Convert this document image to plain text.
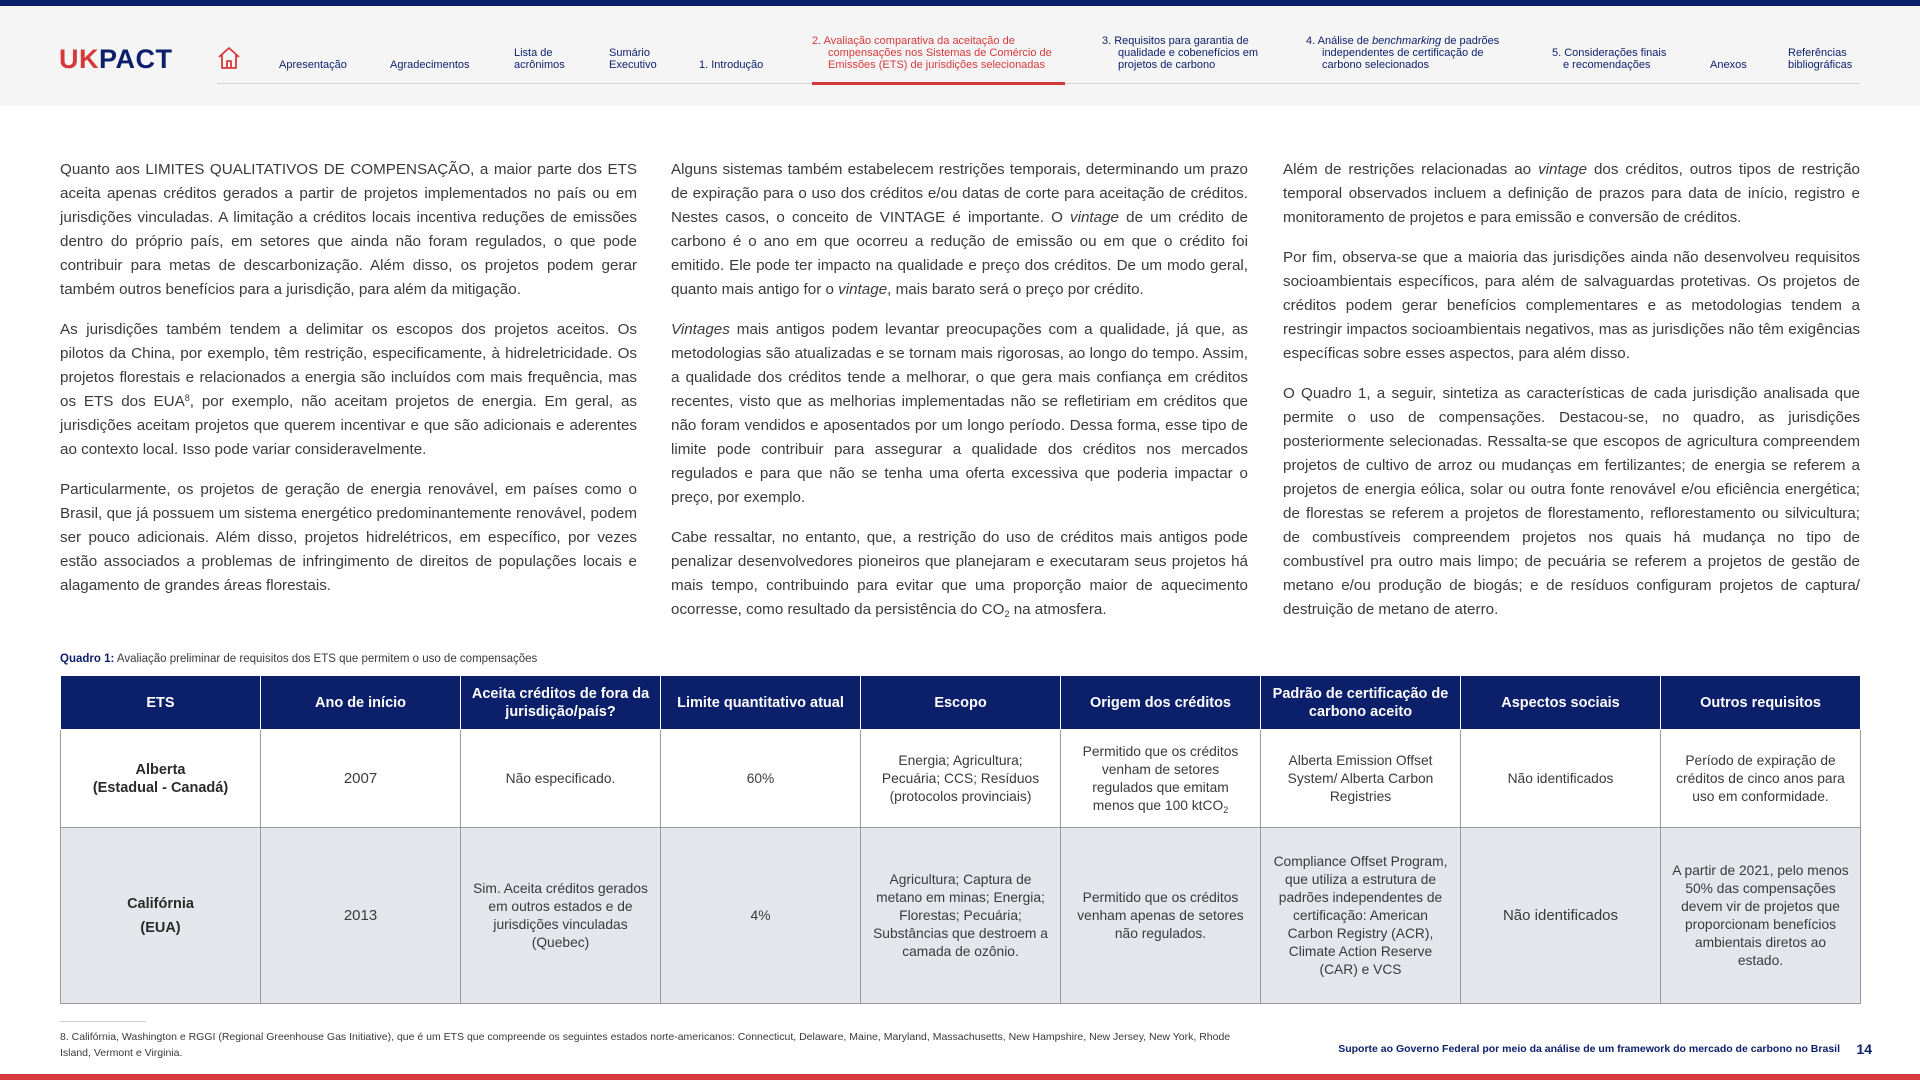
UKPACT	Apresentação	Agradecimentos
Lista de
acrônimos
Sumário
Executivo	1. Introdução
2. Avaliação comparativa da aceitação de
compensações nos Sistemas de Comércio de
Emissões (ETS) de jurisdições selecionadas
3. Requisitos para garantia de
qualidade e cobenefícios em
projetos de carbono
4. Análise de benchmarking de padrões
independentes de certificação de
carbono selecionados
5. Considerações finais
e recomendações	Anexos
Referências
bibliográficas

Quanto aos LIMITES QUALITATIVOS DE COMPENSAÇÃO, a maior parte dos ETS aceita apenas créditos gerados a partir de projetos implementados no país ou em jurisdições vinculadas. A limitação a créditos locais incentiva reduções de emissões dentro do próprio país, em setores que ainda não foram regulados, o que pode contribuir para metas de descarbonização. Além disso, os projetos podem gerar também outros benefícios para a jurisdição, para além da mitigação.

As jurisdições também tendem a delimitar os escopos dos projetos aceitos. Os pilotos da China, por exemplo, têm restrição, especificamente, à hidreletricidade. Os projetos florestais e relacionados a energia são incluídos com mais frequência, mas os ETS dos EUA$^8$, por exemplo, não aceitam projetos de energia. Em geral, as jurisdições aceitam projetos que querem incentivar e que são adicionais e aderentes ao contexto local. Isso pode variar consideravelmente.

Particularmente, os projetos de geração de energia renovável, em países como o Brasil, que já possuem um sistema energético predominantemente renovável, podem ser pouco adicionais. Além disso, projetos hidrelétricos, em específico, por vezes estão associados a problemas de infringimento de direitos de populações locais e alagamento de grandes áreas florestais.

Alguns sistemas também estabelecem restrições temporais, determinando um prazo de expiração para o uso dos créditos e/ou datas de corte para aceitação de créditos. Nestes casos, o conceito de VINTAGE é importante. O vintage de um crédito de carbono é o ano em que ocorreu a redução de emissão ou em que o crédito foi emitido. Ele pode ter impacto na qualidade e preço dos créditos. De um modo geral, quanto mais antigo for o vintage, mais barato será o preço por crédito.

Vintages mais antigos podem levantar preocupações com a qualidade, já que, as metodologias são atualizadas e se tornam mais rigorosas, ao longo do tempo. Assim, a qualidade dos créditos tende a melhorar, o que gera mais confiança em créditos recentes, visto que as melhorias implementadas não se refletiriam em créditos que não foram vendidos e aposentados por um longo período. Dessa forma, esse tipo de limite pode contribuir para assegurar a qualidade dos créditos nos mercados regulados e para que não se tenha uma oferta excessiva que poderia impactar o preço, por exemplo.

Cabe ressaltar, no entanto, que, a restrição do uso de créditos mais antigos pode penalizar desenvolvedores pioneiros que planejaram e executaram seus projetos há mais tempo, contribuindo para evitar que uma proporção maior de aquecimento ocorresse, como resultado da persistência do $CO_2$ na atmosfera.

Além de restrições relacionadas ao vintage dos créditos, outros tipos de restrição temporal observados incluem a definição de prazos para data de início, registro e monitoramento de projetos e para emissão e conversão de créditos.

Por fim, observa-se que a maioria das jurisdições ainda não desenvolveu requisitos socioambientais específicos, para além de salvaguardas protetivas. Os projetos de créditos podem gerar benefícios complementares e as metodologias tendem a restringir impactos socioambientais negativos, mas as jurisdições não têm exigências específicas sobre esses aspectos, para além disso.

O Quadro 1, a seguir, sintetiza as características de cada jurisdição analisada que permite o uso de compensações. Destacou-se, no quadro, as jurisdições posteriormente selecionadas. Ressalta-se que escopos de agricultura compreendem projetos de cultivo de arroz ou mudanças em fertilizantes; de energia se referem a projetos de energia eólica, solar ou outra fonte renovável e/ou eficiência energética; de florestas se referem a projetos de florestamento, reflorestamento ou silvicultura; de combustíveis compreendem projetos nos quais há mudança no tipo de combustível pra outro mais limpo; de pecuária se referem a projetos de gestão de metano e/ou produção de biogás; e de resíduos configuram projetos de captura/ destruição de metano de aterro.

Quadro 1: Avaliação preliminar de requisitos dos ETS que permitem o uso de compensações
ETS	Ano de início	Aceita créditos de fora da jurisdição/país?	Limite quantitativo atual	Escopo	Origem dos créditos	Padrão de certificação de carbono aceito	Aspectos sociais	Outros requisitos

Alberta
(Estadual - Canadá)	2007	Não especificado.	60%	Energia; Agricultura; Pecuária; CCS; Resíduos (protocolos provinciais)	Permitido que os créditos venham de setores regulados que emitam menos que 100 ktCO$_2$	Alberta Emission Offset System/ Alberta Carbon Registries	Não identificados	Período de expiração de créditos de cinco anos para uso em conformidade.

Califórnia
(EUA)	2013	Sim. Aceita créditos gerados em outros estados e de jurisdições vinculadas (Quebec)	4%	Agricultura; Captura de metano em minas; Energia; Florestas; Pecuária; Substâncias que destroem a camada de ozônio.	Permitido que os créditos venham apenas de setores não regulados.	Compliance Offset Program, que utiliza a estrutura de padrões independentes de certificação: American Carbon Registry (ACR), Climate Action Reserve (CAR) e VCS	Não identificados	A partir de 2021, pelo menos 50% das compensações devem vir de projetos que proporcionam benefícios ambientais diretos ao estado.
8. Califórnia, Washington e RGGI (Regional Greenhouse Gas Initiative), que é um ETS que compreende os seguintes estados norte-americanos: Connecticut, Delaware, Maine, Maryland, Massachusetts, New Hampshire, New Jersey, New York, Rhode Island, Vermont e Virginia.	Suporte ao Governo Federal por meio da análise de um framework do mercado de carbono no Brasil 14
